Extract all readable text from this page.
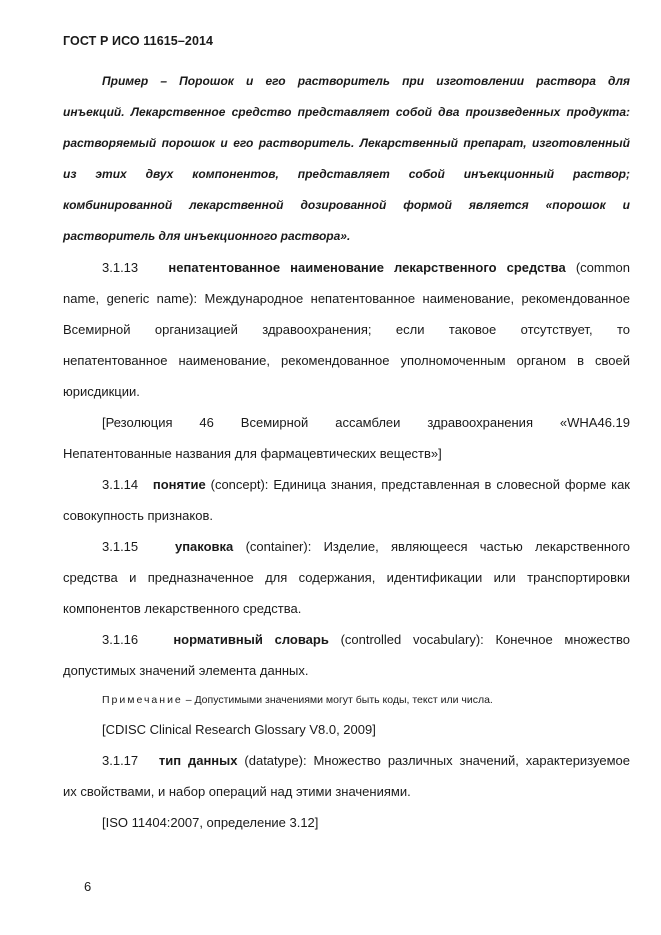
ГОСТ Р ИСО 11615–2014
Пример – Порошок и его растворитель при изготовлении раствора для
инъекций. Лекарственное средство представляет собой два произведенных продукта:
растворяемый порошок и его растворитель. Лекарственный препарат, изготовленный
из этих двух компонентов, представляет собой инъекционный раствор;
комбинированной лекарственной дозированной формой является «порошок и
растворитель для инъекционного раствора».
3.1.13 непатентованное наименование лекарственного средства (common
name, generic name): Международное непатентованное наименование, рекомендованное
Всемирной организацией здравоохранения; если таковое отсутствует, то
непатентованное наименование, рекомендованное уполномоченным органом в своей
юрисдикции.
[Резолюция 46 Всемирной ассамблеи здравоохранения «WHA46.19
Непатентованные названия для фармацевтических веществ»]
3.1.14 понятие (concept): Единица знания, представленная в словесной форме как
совокупность признаков.
3.1.15	упаковка (container): Изделие, являющееся частью лекарственного
средства и предназначенное для содержания, идентификации или транспортировки
компонентов лекарственного средства.
3.1.16	нормативный словарь (controlled vocabulary): Конечное множество
допустимых значений элемента данных.
Примечание – Допустимыми значениями могут быть коды, текст или числа.
[CDISC Clinical Research Glossary V8.0, 2009]
3.1.17 тип данных (datatype): Множество различных значений, характеризуемое
их свойствами, и набор операций над этими значениями.
[ISO 11404:2007, определение 3.12]
6
